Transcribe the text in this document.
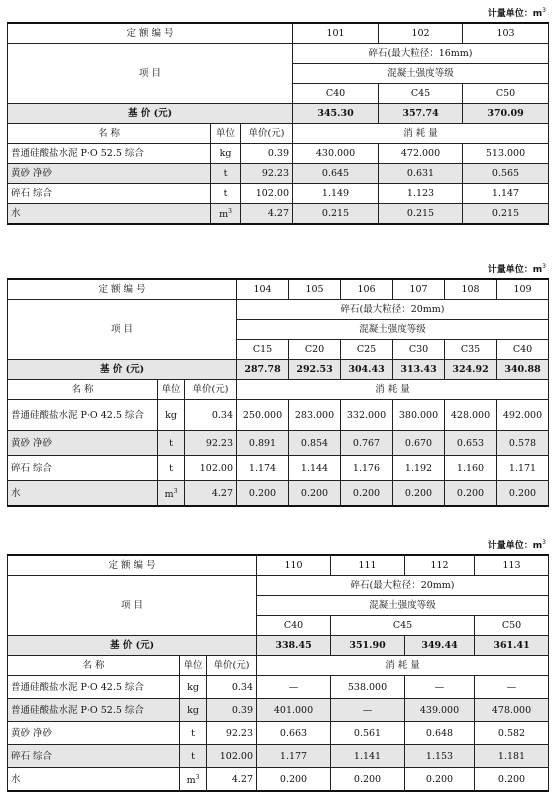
计量单位：$m^3$
定 额 编 号			101	102	103
项 目			碎石(最大粒径：16mm)		
			混凝土强度等级		
			C40	C45	C50
基 价 (元)			345.30	357.74	370.09
名 称	单位	单价(元)	消 耗 量		
普通硅酸盐水泥 P·O 52.5 综合	kg	0.39	430.000	472.000	513.000
黄砂 净砂	t	92.23	0.645	0.631	0.565
碎石 综合	t	102.00	1.149	1.123	1.147
水	$m^3$	4.27	0.215	0.215	0.215
计量单位：$m^3$
定 额 编 号			104	105	106	107	108	109
项 目			碎石(最大粒径：20mm)					
			混凝土强度等级					
			C15	C20	C25	C30	C35	C40
基 价 (元)			287.78	292.53	304.43	313.43	324.92	340.88
名 称	单位	单价(元)	消 耗 量					
普通硅酸盐水泥 P·O 42.5 综合	kg	0.34	250.000	283.000	332.000	380.000	428.000	492.000
黄砂 净砂	t	92.23	0.891	0.854	0.767	0.670	0.653	0.578
碎石 综合	t	102.00	1.174	1.144	1.176	1.192	1.160	1.171
水	$m^3$	4.27	0.200	0.200	0.200	0.200	0.200	0.200
计量单位：$m^3$
定 额 编 号			110	111	112	113
项 目			碎石(最大粒径：20mm)			
			混凝土强度等级			
			C40	C45		C50
基 价 (元)			338.45	351.90	349.44	361.41
名 称	单位	单价(元)	消 耗 量			
普通硅酸盐水泥 P·O 42.5 综合	kg	0.34	—	538.000	—	—
普通硅酸盐水泥 P·O 52.5 综合	kg	0.39	401.000	—	439.000	478.000
黄砂 净砂	t	92.23	0.663	0.561	0.648	0.582
碎石 综合	t	102.00	1.177	1.141	1.153	1.181
水	$m^3$	4.27	0.200	0.200	0.200	0.200
